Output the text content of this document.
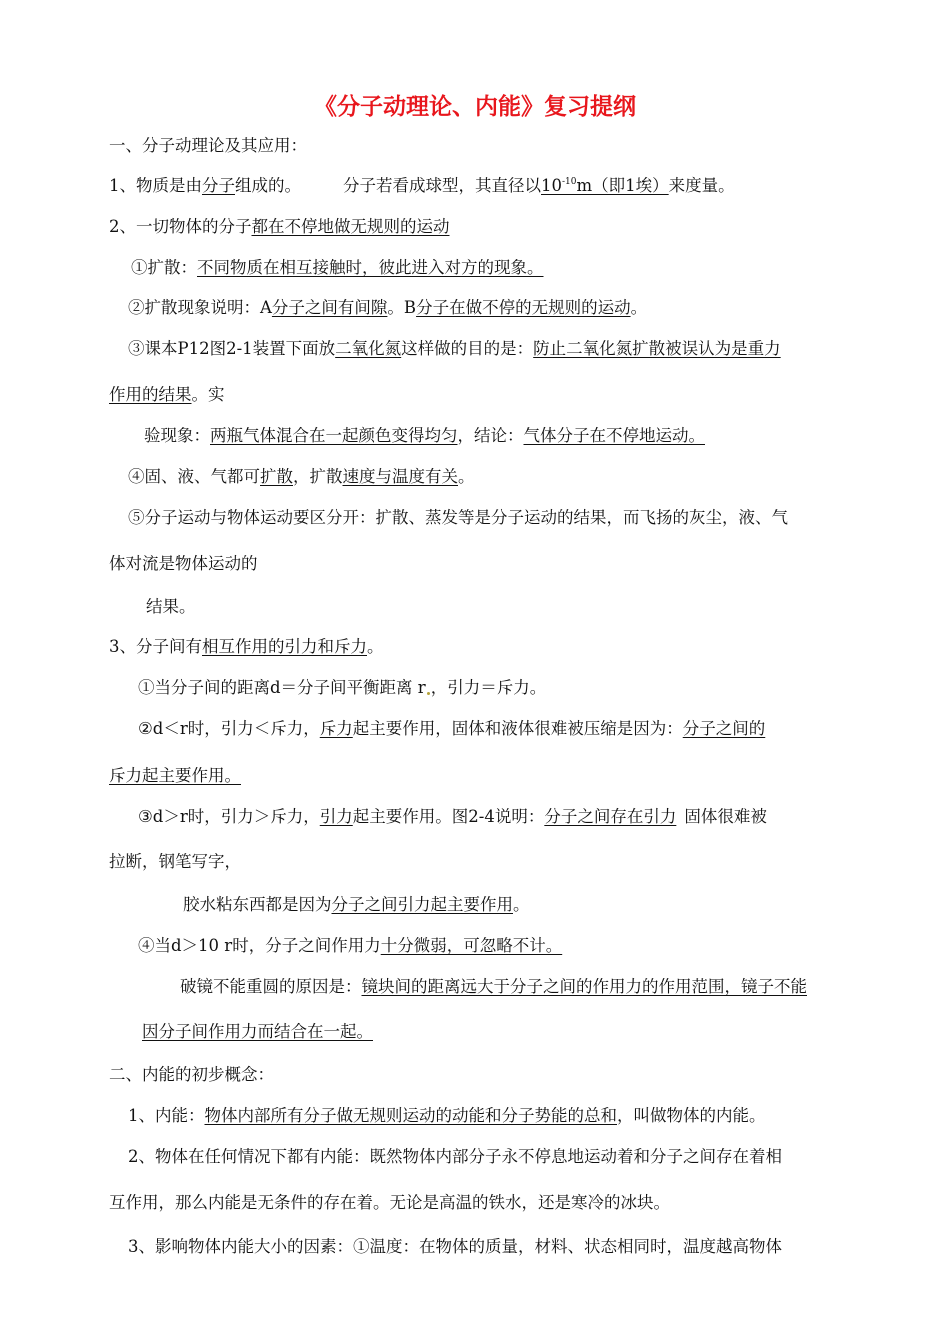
《分子动理论、内能》复习提纲
一、分子动理论及其应用：
1、物质是由分子组成的。	分子若看成球型，其直径以$10^{-10}m$（即1埃）来度量。
2、一切物体的分子都在不停地做无规则的运动
①扩散：不同物质在相互接触时，彼此进入对方的现象。
②扩散现象说明：A分子之间有间隙。B分子在做不停的无规则的运动。
③课本P12图2-1装置下面放二氧化氮这样做的目的是：防止二氧化氮扩散被误认为是重力
作用的结果。实
验现象：两瓶气体混合在一起颜色变得均匀，结论：气体分子在不停地运动。
④固、液、气都可扩散，扩散速度与温度有关。
⑤分子运动与物体运动要区分开：扩散、蒸发等是分子运动的结果，而飞扬的灰尘，液、气
体对流是物体运动的
结果。
3、分子间有相互作用的引力和斥力。
①当分子间的距离d＝分子间平衡距离 r ，引力＝斥力。
②d＜r时，引力＜斥力，斥力起主要作用，固体和液体很难被压缩是因为：分子之间的
斥力起主要作用。
③d＞r时，引力＞斥力，引力起主要作用。图2-4说明：分子之间存在引力 固体很难被
拉断，钢笔写字，
胶水粘东西都是因为分子之间引力起主要作用。
④当d＞10 r时，分子之间作用力十分微弱，可忽略不计。
破镜不能重圆的原因是：镜块间的距离远大于分子之间的作用力的作用范围，镜子不能
因分子间作用力而结合在一起。
二、内能的初步概念：
1、内能：物体内部所有分子做无规则运动的动能和分子势能的总和，叫做物体的内能。
2、物体在任何情况下都有内能：既然物体内部分子永不停息地运动着和分子之间存在着相
互作用，那么内能是无条件的存在着。无论是高温的铁水，还是寒冷的冰块。
3、影响物体内能大小的因素：①温度：在物体的质量，材料、状态相同时，温度越高物体
